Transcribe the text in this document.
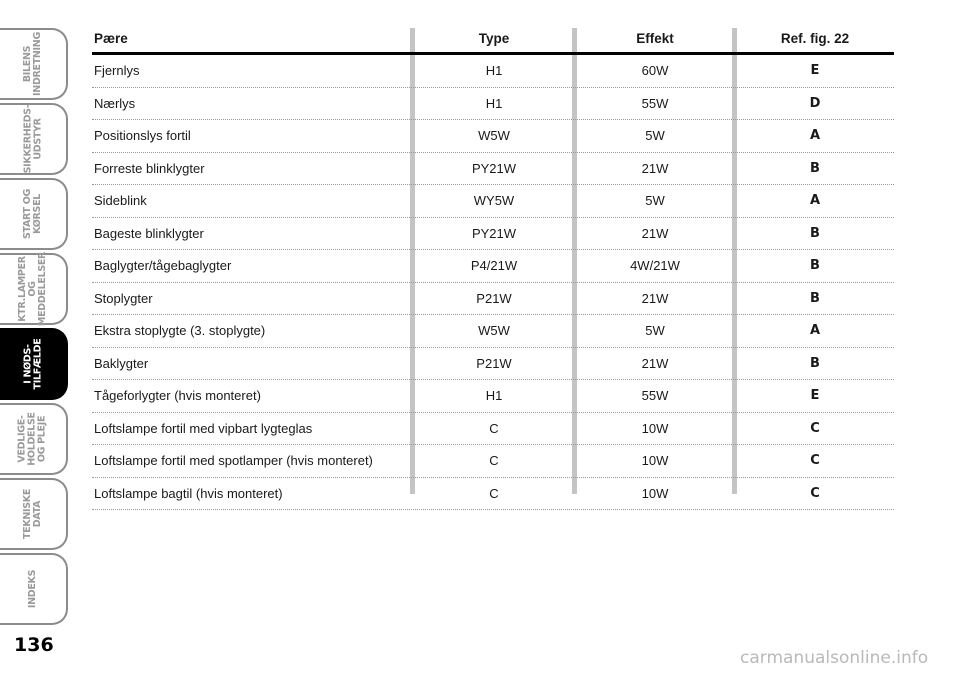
BILENS
INDRETNING
SIKKERHEDS-
UDSTYR
START OG
KØRSEL
KTR.LAMPER
OG
MEDDELELSER
I NØDS-
TILFÆLDE
VEDLIGE-
HOLDELSE
OG PLEJE
TEKNISKE
DATA
INDEKS
136
Pære	Type	Effekt	Ref. fig. 22
Fjernlys	H1	60W	E
Nærlys	H1	55W	D
Positionslys fortil	W5W	5W	A
Forreste blinklygter	PY21W	21W	B
Sideblink	WY5W	5W	A
Bageste blinklygter	PY21W	21W	B
Baglygter/tågebaglygter	P4/21W	4W/21W	B
Stoplygter	P21W	21W	B
Ekstra stoplygte (3. stoplygte)	W5W	5W	A
Baklygter	P21W	21W	B
Tågeforlygter (hvis monteret)	H1	55W	E
Loftslampe fortil med vipbart lygteglas	C	10W	C
Loftslampe fortil med spotlamper (hvis monteret)	C	10W	C
Loftslampe bagtil (hvis monteret)	C	10W	C
carmanualsonline.info
